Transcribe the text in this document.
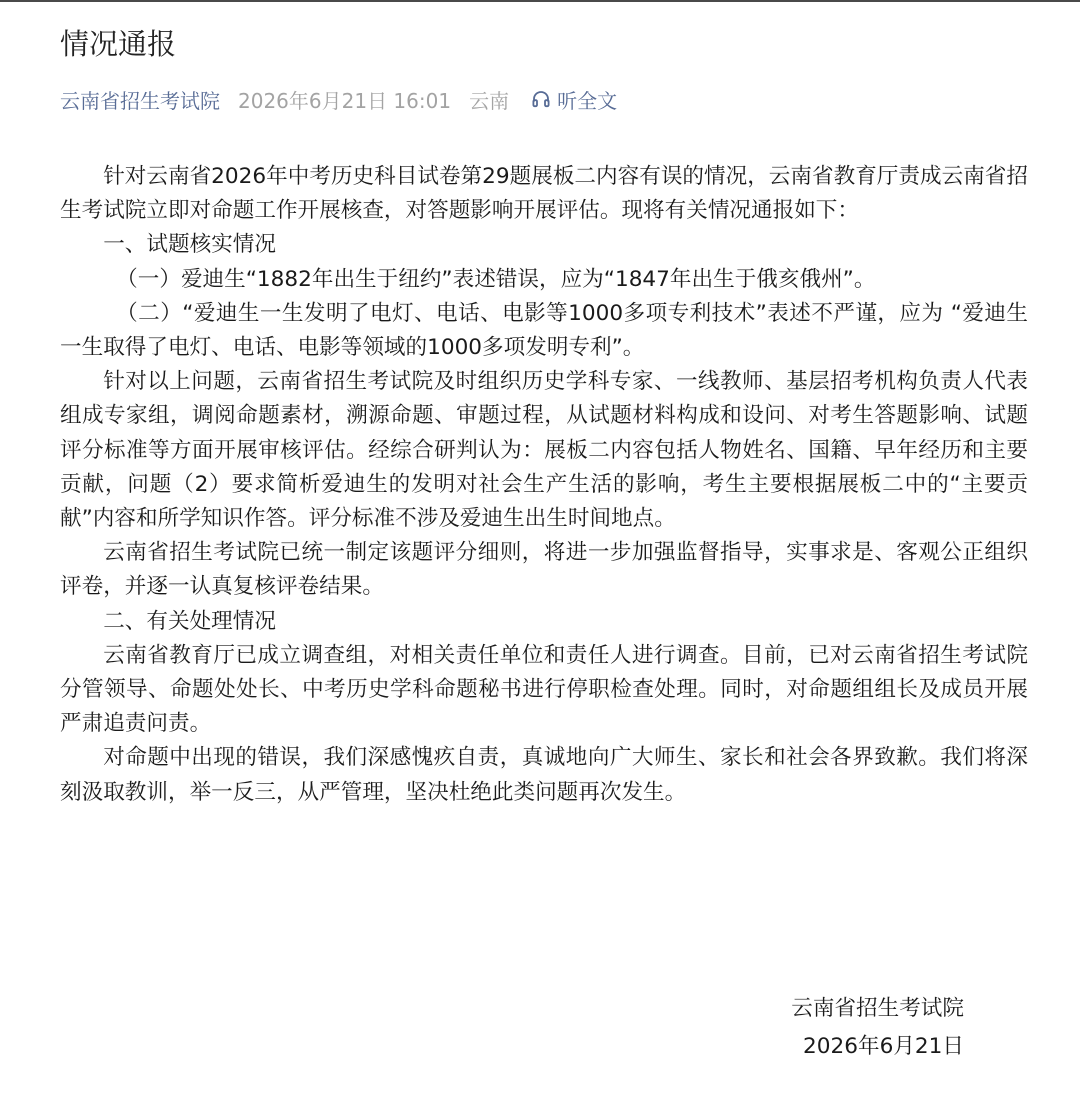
情况通报
云南省招生考试院 2026年6月21日 16:01 云南 听全文

针对云南省2026年中考历史科目试卷第29题展板二内容有误的情况，云南省教育厅责成云南省招生考试院立即对命题工作开展核查，对答题影响开展评估。现将有关情况通报如下：

一、试题核实情况

（一）爱迪生“1882年出生于纽约”表述错误，应为“1847年出生于俄亥俄州”。

（二）“爱迪生一生发明了电灯、电话、电影等1000多项专利技术”表述不严谨，应为 “爱迪生一生取得了电灯、电话、电影等领域的1000多项发明专利”。

针对以上问题，云南省招生考试院及时组织历史学科专家、一线教师、基层招考机构负责人代表组成专家组，调阅命题素材，溯源命题、审题过程，从试题材料构成和设问、对考生答题影响、试题评分标准等方面开展审核评估。经综合研判认为：展板二内容包括人物姓名、国籍、早年经历和主要贡献，问题（2）要求简析爱迪生的发明对社会生产生活的影响，考生主要根据展板二中的“主要贡献”内容和所学知识作答。评分标准不涉及爱迪生出生时间地点。

云南省招生考试院已统一制定该题评分细则，将进一步加强监督指导，实事求是、客观公正组织评卷，并逐一认真复核评卷结果。

二、有关处理情况

云南省教育厅已成立调查组，对相关责任单位和责任人进行调查。目前，已对云南省招生考试院分管领导、命题处处长、中考历史学科命题秘书进行停职检查处理。同时，对命题组组长及成员开展严肃追责问责。

对命题中出现的错误，我们深感愧疚自责，真诚地向广大师生、家长和社会各界致歉。我们将深刻汲取教训，举一反三，从严管理，坚决杜绝此类问题再次发生。

云南省招生考试院
2026年6月21日
